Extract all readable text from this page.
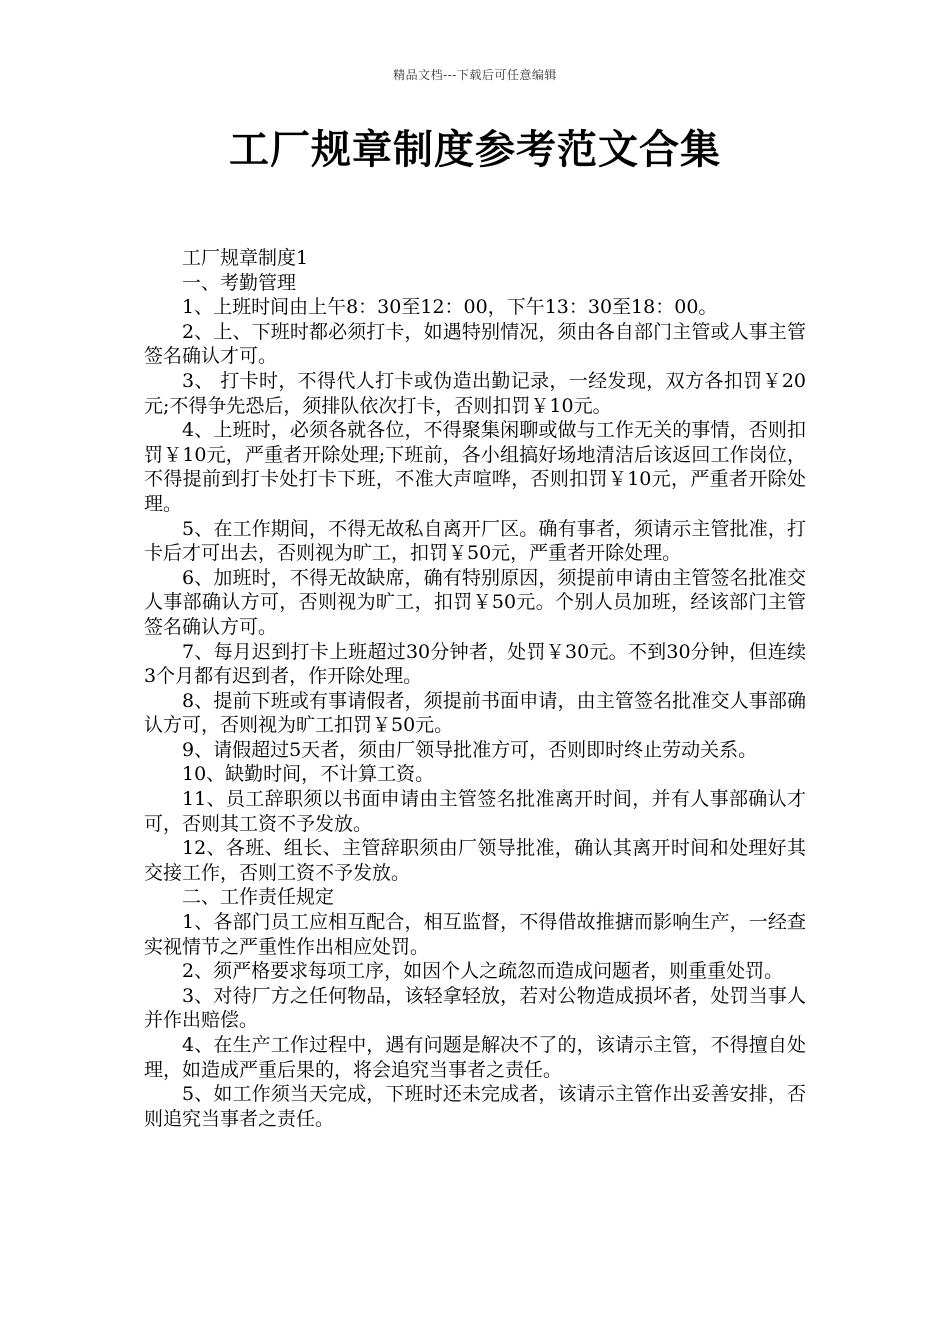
精品文档---下载后可任意编辑
工厂规章制度参考范文合集

工厂规章制度1

一、考勤管理

1、上班时间由上午8：30至12：00，下午13：30至18：00。

2、上、下班时都必须打卡，如遇特别情况，须由各自部门主管或人事主管签名确认才可。

3、 打卡时，不得代人打卡或伪造出勤记录，一经发现，双方各扣罚￥20元;不得争先恐后，须排队依次打卡，否则扣罚￥10元。

4、上班时，必须各就各位，不得聚集闲聊或做与工作无关的事情，否则扣罚￥10元，严重者开除处理;下班前，各小组搞好场地清洁后该返回工作岗位，不得提前到打卡处打卡下班，不准大声喧哗，否则扣罚￥10元，严重者开除处理。

5、在工作期间，不得无故私自离开厂区。确有事者，须请示主管批准，打卡后才可出去，否则视为旷工，扣罚￥50元，严重者开除处理。

6、加班时，不得无故缺席，确有特别原因，须提前申请由主管签名批准交人事部确认方可，否则视为旷工，扣罚￥50元。个别人员加班，经该部门主管签名确认方可。

7、每月迟到打卡上班超过30分钟者，处罚￥30元。不到30分钟，但连续3个月都有迟到者，作开除处理。

8、提前下班或有事请假者，须提前书面申请，由主管签名批准交人事部确认方可，否则视为旷工扣罚￥50元。

9、请假超过5天者，须由厂领导批准方可，否则即时终止劳动关系。

10、缺勤时间，不计算工资。

11、员工辞职须以书面申请由主管签名批准离开时间，并有人事部确认才可，否则其工资不予发放。

12、各班、组长、主管辞职须由厂领导批准，确认其离开时间和处理好其交接工作，否则工资不予发放。

二、工作责任规定

1、各部门员工应相互配合，相互监督，不得借故推搪而影响生产，一经查实视情节之严重性作出相应处罚。

2、须严格要求每项工序，如因个人之疏忽而造成问题者，则重重处罚。

3、对待厂方之任何物品，该轻拿轻放，若对公物造成损坏者，处罚当事人并作出赔偿。

4、在生产工作过程中，遇有问题是解决不了的，该请示主管，不得擅自处理，如造成严重后果的，将会追究当事者之责任。

5、如工作须当天完成，下班时还未完成者，该请示主管作出妥善安排，否则追究当事者之责任。
